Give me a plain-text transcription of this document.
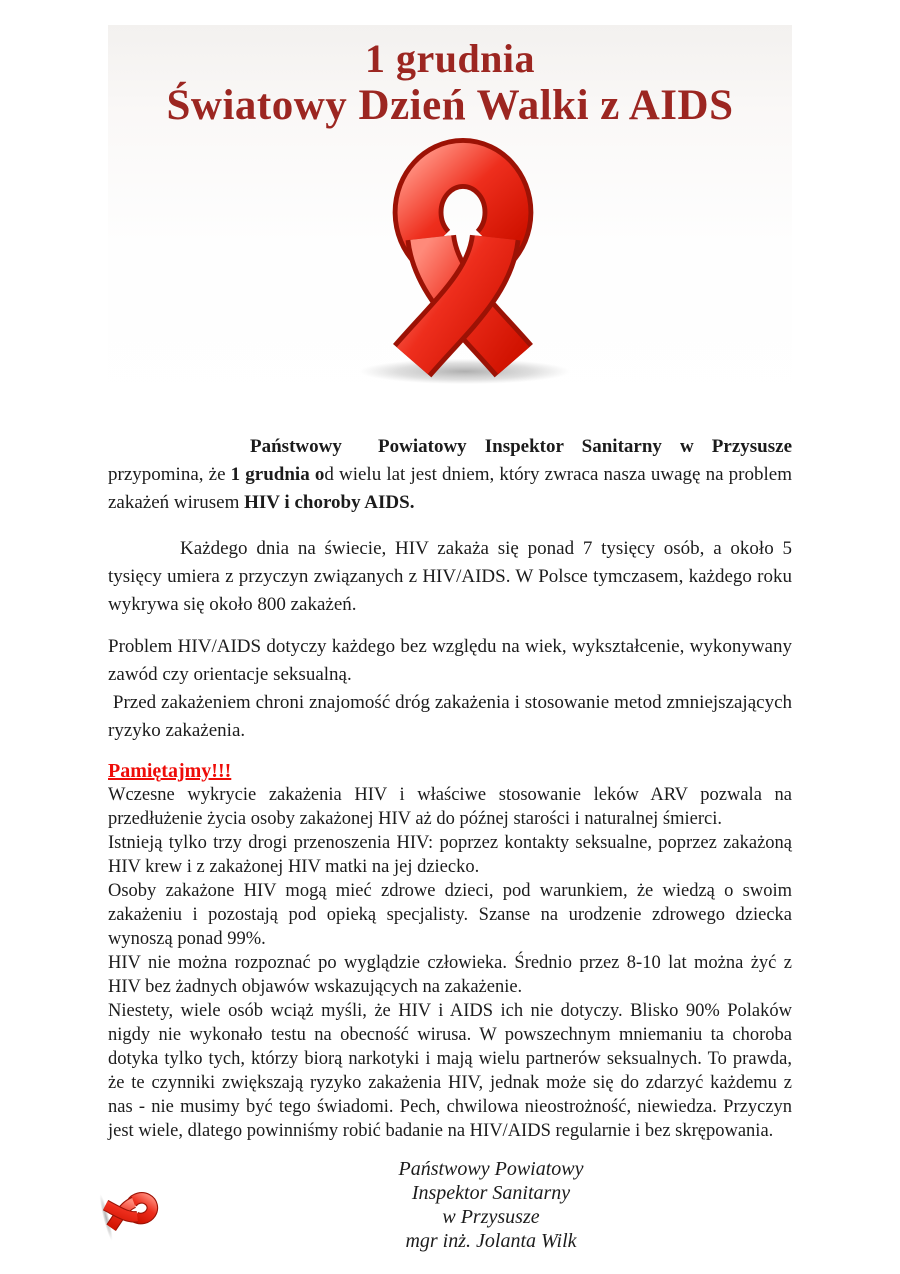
1 grudnia
Światowy Dzień Walki z AIDS

Państwowy  Powiatowy Inspektor Sanitarny w Przysusze przypomina, że 1 grudnia od wielu lat jest dniem, który zwraca nasza uwagę na problem zakażeń wirusem HIV i choroby AIDS.

Każdego dnia na świecie, HIV zakaża się ponad 7 tysięcy osób, a około 5 tysięcy umiera z przyczyn związanych z HIV/AIDS. W Polsce tymczasem, każdego roku wykrywa się około 800 zakażeń.

Problem HIV/AIDS dotyczy każdego bez względu na wiek, wykształcenie, wykonywany zawód czy orientacje seksualną.
Przed zakażeniem chroni znajomość dróg zakażenia i stosowanie metod zmniejszających ryzyko zakażenia.

Pamiętajmy!!!

Wczesne wykrycie zakażenia HIV i właściwe stosowanie leków ARV pozwala na przedłużenie życia osoby zakażonej HIV aż do późnej starości i naturalnej śmierci.

Istnieją tylko trzy drogi przenoszenia HIV: poprzez kontakty seksualne, poprzez zakażoną HIV krew i z zakażonej HIV matki na jej dziecko.

Osoby zakażone HIV mogą mieć zdrowe dzieci, pod warunkiem, że wiedzą o swoim zakażeniu i pozostają pod opieką specjalisty. Szanse na urodzenie zdrowego dziecka wynoszą ponad 99%.

HIV nie można rozpoznać po wyglądzie człowieka. Średnio przez 8-10 lat można żyć z HIV bez żadnych objawów wskazujących na zakażenie.

Niestety, wiele osób wciąż myśli, że HIV i AIDS ich nie dotyczy. Blisko 90% Polaków nigdy nie wykonało testu na obecność wirusa. W powszechnym mniemaniu ta choroba dotyka tylko tych, którzy biorą narkotyki i mają wielu partnerów seksualnych. To prawda, że te czynniki zwiększają ryzyko zakażenia HIV, jednak może się do zdarzyć każdemu z nas - nie musimy być tego świadomi. Pech, chwilowa nieostrożność, niewiedza. Przyczyn jest wiele, dlatego powinniśmy robić badanie na HIV/AIDS regularnie i bez skrępowania.

Państwowy Powiatowy
Inspektor Sanitarny
w Przysusze
mgr inż. Jolanta Wilk
